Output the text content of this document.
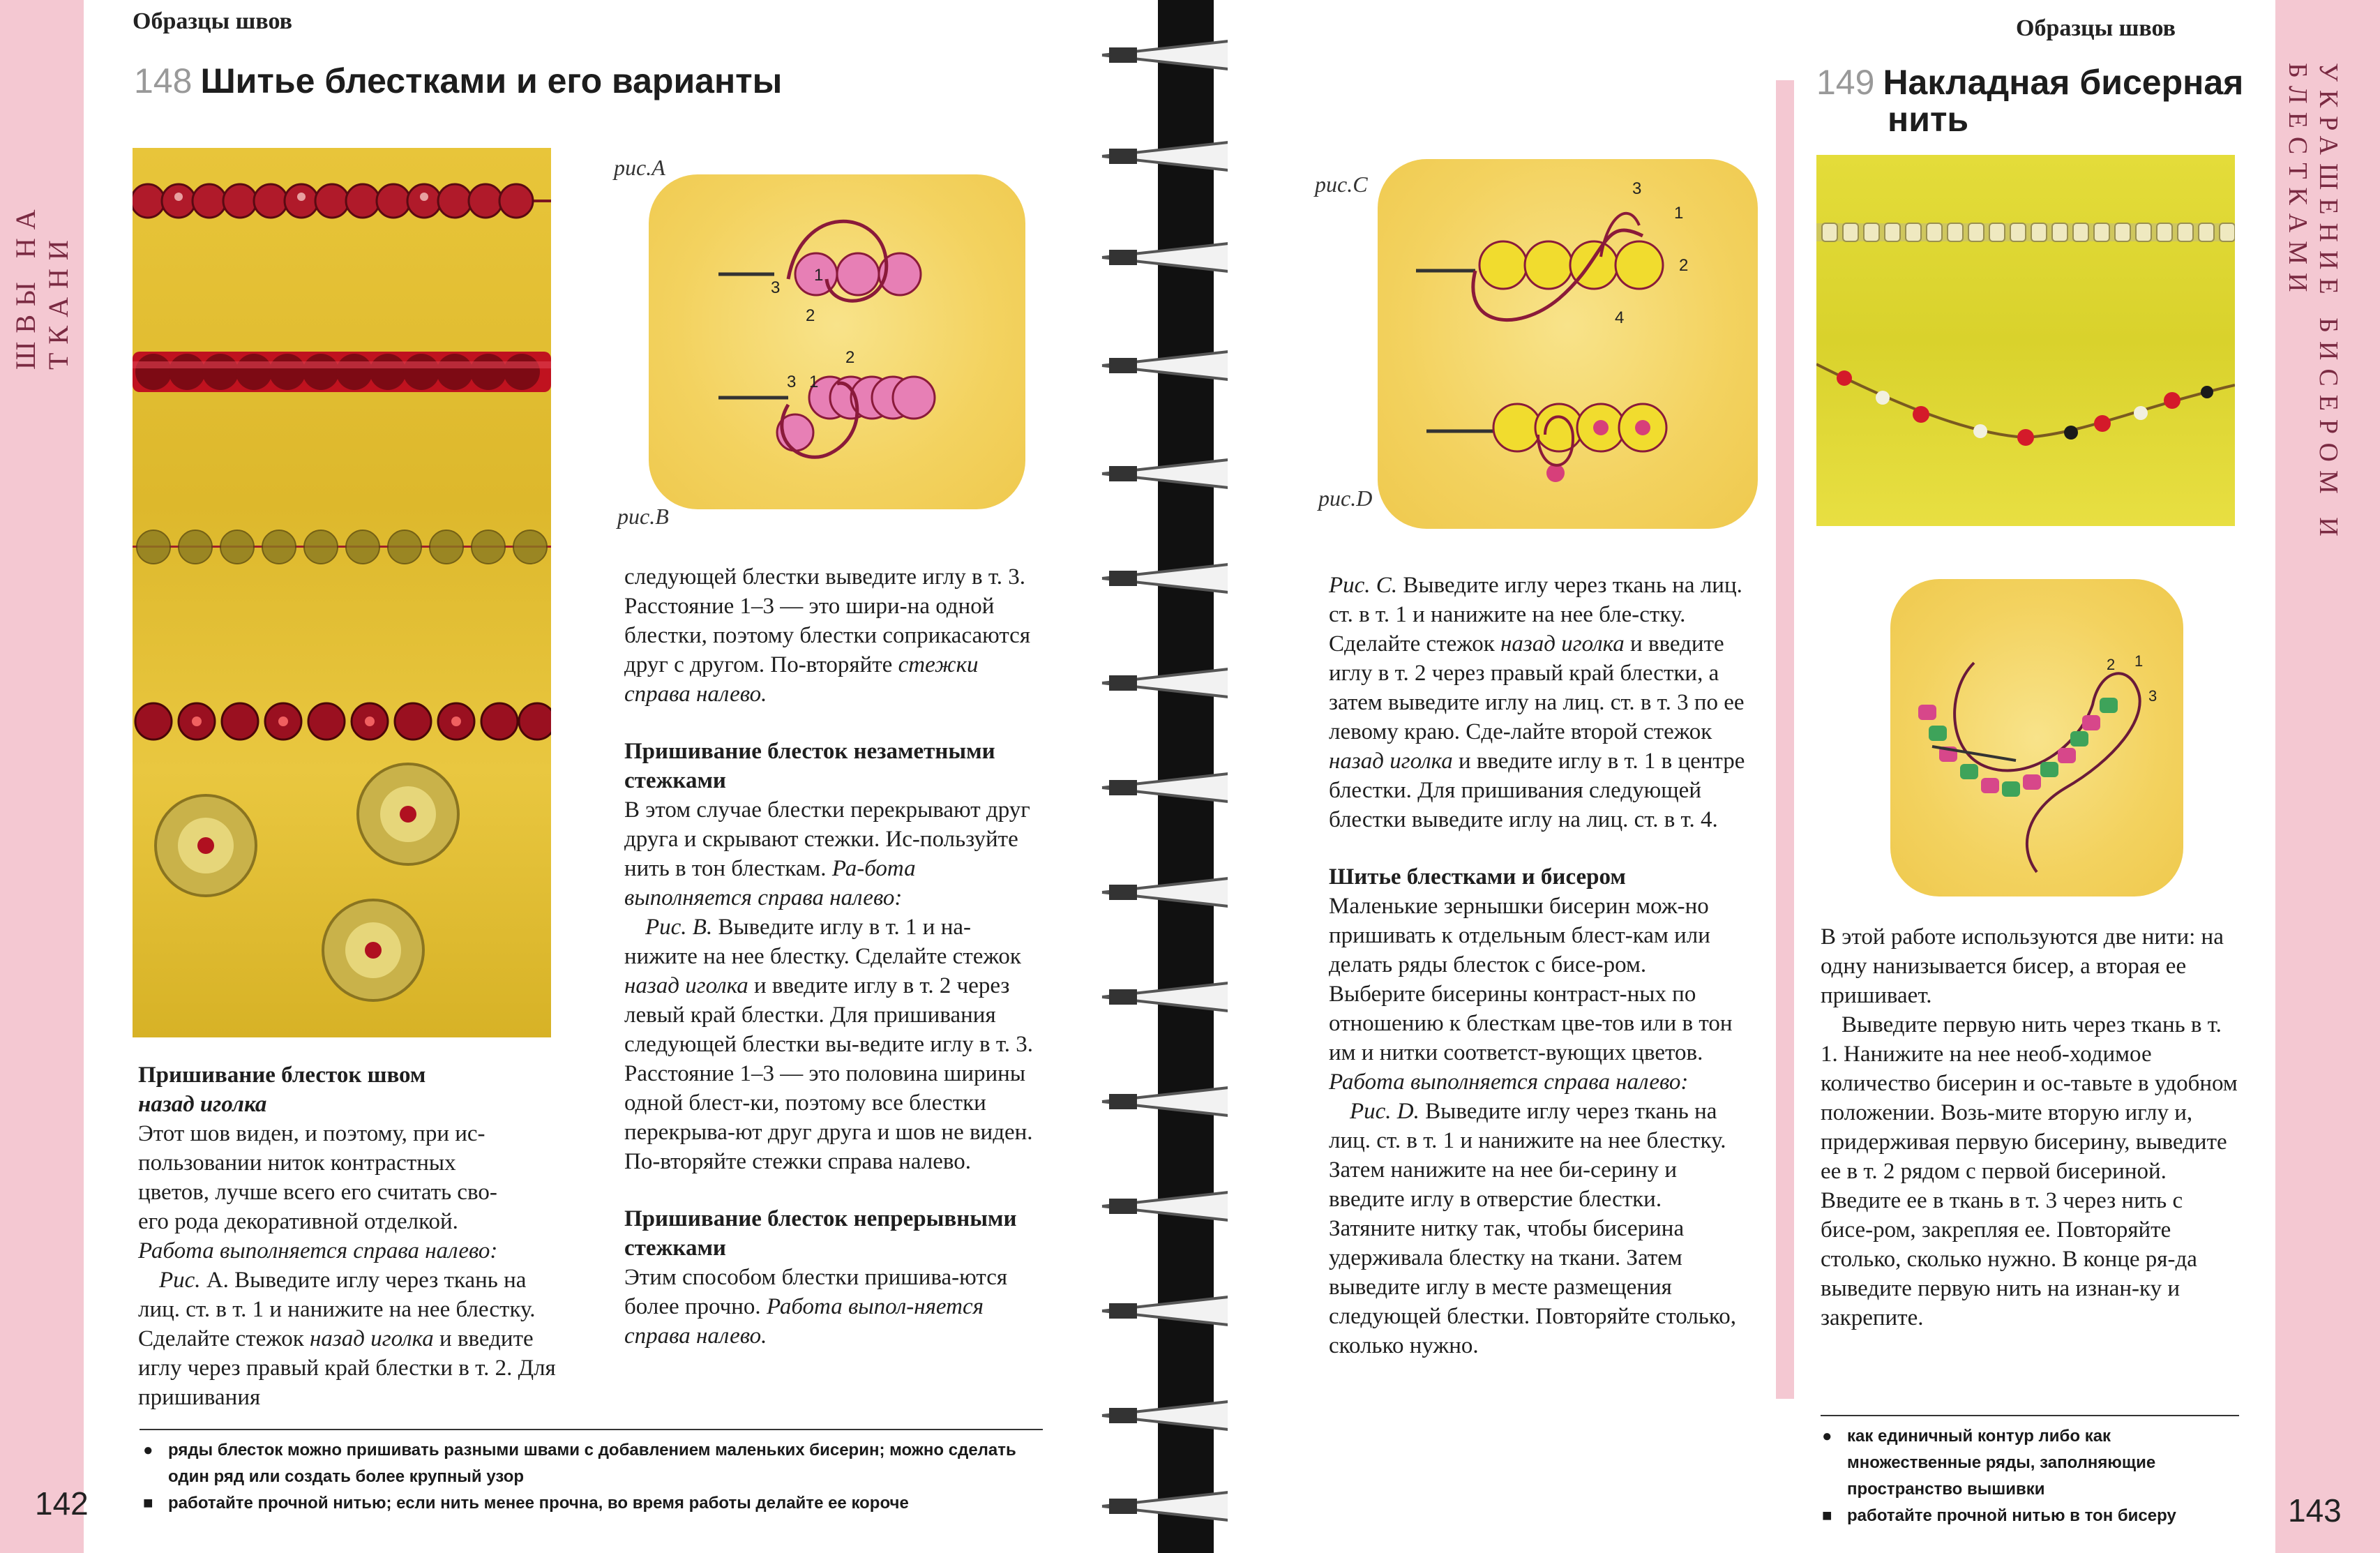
ШВЫ НА ТКАНИ
Образцы швов
148 Шитье блестками и его варианты
рис.А
3
1
2
3 1
2
рис.В
Пришивание блесток швом
назад иголка

Этот шов виден, и поэтому, при ис-

пользовании ниток контрастных

цветов, лучше всего его считать сво-

его рода декоративной отделкой.

Работа выполняется справа налево:

Рис. А. Выведите иглу через ткань на лиц. ст. в т. 1 и нанижите на нее блестку. Сделайте стежок назад иголка и введите иглу через правый край блестки в т. 2. Для пришивания

следующей блестки выведите иглу в т. 3. Расстояние 1–3 — это шири-на одной блестки, поэтому блестки соприкасаются друг с другом. По-вторяйте стежки справа налево.

Пришивание блесток незаметными стежками

В этом случае блестки перекрывают друг друга и скрывают стежки. Ис-пользуйте нить в тон блесткам. Ра-бота выполняется справа налево:

Рис. В. Выведите иглу в т. 1 и на-нижите на нее блестку. Сделайте стежок назад иголка и введите иглу в т. 2 через левый край блестки. Для пришивания следующей блестки вы-ведите иглу в т. 3. Расстояние 1–3 — это половина ширины одной блест-ки, поэтому все блестки перекрыва-ют друг друга и шов не виден. По-вторяйте стежки справа налево.

Пришивание блесток непрерывными стежками

Этим способом блестки пришива-ются более прочно. Работа выпол-няется справа налево.

● ряды блесток можно пришивать разными швами с добавлением маленьких бисерин; можно сделать один ряд или создать более крупный узор
■ работайте прочной нитью; если нить менее прочна, во время работы делайте ее короче
142
УКРАШЕНИЕ БИСЕРОМ И БЛЕСТКАМИ
Образцы швов
149 Накладная бисерная
нить
рис.С	3
1
2
4
рис.D
2 1
3

Рис. С. Выведите иглу через ткань на лиц. ст. в т. 1 и нанижите на нее бле-стку. Сделайте стежок назад иголка и введите иглу в т. 2 через правый край блестки, а затем выведите иглу на лиц. ст. в т. 3 по ее левому краю. Сде-лайте второй стежок назад иголка и введите иглу в т. 1 в центре блестки. Для пришивания следующей блестки выведите иглу на лиц. ст. в т. 4.

Шитье блестками и бисером

Маленькие зернышки бисерин мож-но пришивать к отдельным блест-кам или делать ряды блесток с бисе-ром. Выберите бисерины контраст-ных по отношению к блесткам цве-тов или в тон им и нитки соответст-вующих цветов.

Работа выполняется справа налево:

Рис. D. Выведите иглу через ткань на лиц. ст. в т. 1 и нанижите на нее блестку. Затем нанижите на нее би-серину и введите иглу в отверстие блестки. Затяните нитку так, чтобы бисерина удерживала блестку на ткани. Затем выведите иглу в месте размещения следующей блестки. Повторяйте столько, сколько нужно.

В этой работе используются две нити: на одну нанизывается бисер, а вторая ее пришивает.

Выведите первую нить через ткань в т. 1. Нанижите на нее необ-ходимое количество бисерин и ос-тавьте в удобном положении. Возь-мите вторую иглу и, придерживая первую бисерину, выведите ее в т. 2 рядом с первой бисериной. Введите ее в ткань в т. 3 через нить с бисе-ром, закрепляя ее. Повторяйте столько, сколько нужно. В конце ря-да выведите первую нить на изнан-ку и закрепите.

● как единичный контур либо как множественные ряды, заполняющие пространство вышивки
■ работайте прочной нитью в тон бисеру	143
